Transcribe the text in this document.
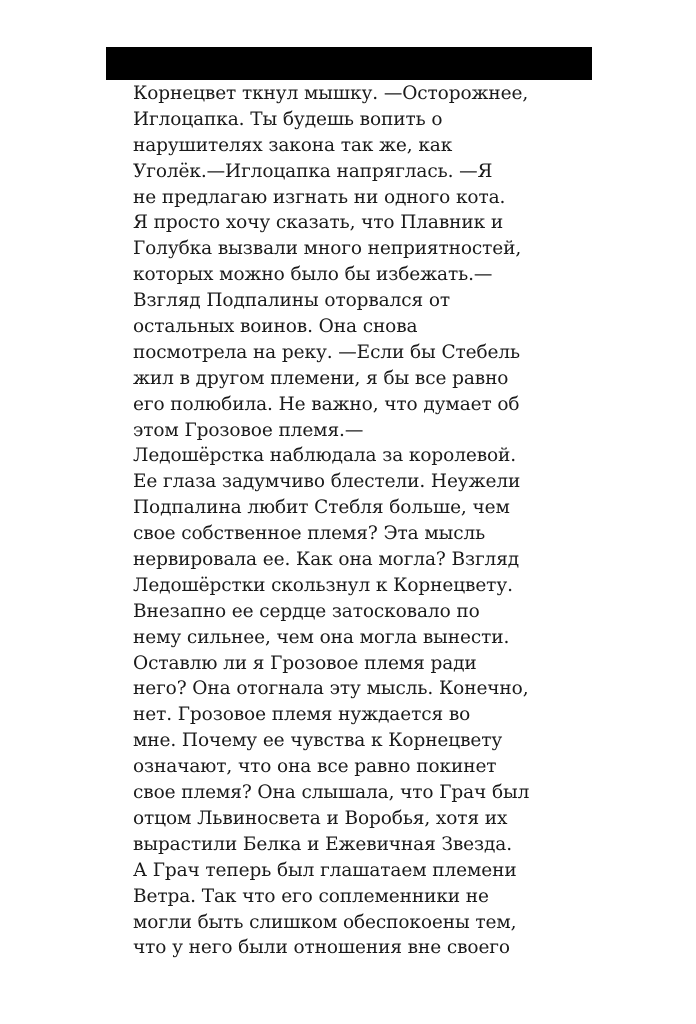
Корнецвет ткнул мышку. —Осторожнее,
Иглоцапка. Ты будешь вопить о
нарушителях закона так же, как
Уголёк.—Иглоцапка напряглась. —Я
не предлагаю изгнать ни одного кота.
Я просто хочу сказать, что Плавник и
Голубка вызвали много неприятностей,
которых можно было бы избежать.—
Взгляд Подпалины оторвался от
остальных воинов. Она снова
посмотрела на реку. —Если бы Стебель
жил в другом племени, я бы все равно
его полюбила. Не важно, что думает об
этом Грозовое племя.—
Ледошёрстка наблюдала за королевой.
Ее глаза задумчиво блестели. Неужели
Подпалина любит Стебля больше, чем
свое собственное племя? Эта мысль
нервировала ее. Как она могла? Взгляд
Ледошёрстки скользнул к Корнецвету.
Внезапно ее сердце затосковало по
нему сильнее, чем она могла вынести.
Оставлю ли я Грозовое племя ради
него? Она отогнала эту мысль. Конечно,
нет. Грозовое племя нуждается во
мне. Почему ее чувства к Корнецвету
означают, что она все равно покинет
свое племя? Она слышала, что Грач был
отцом Львиносвета и Воробья, хотя их
вырастили Белка и Ежевичная Звезда.
А Грач теперь был глашатаем племени
Ветра. Так что его соплеменники не
могли быть слишком обеспокоены тем,
что у него были отношения вне своего
